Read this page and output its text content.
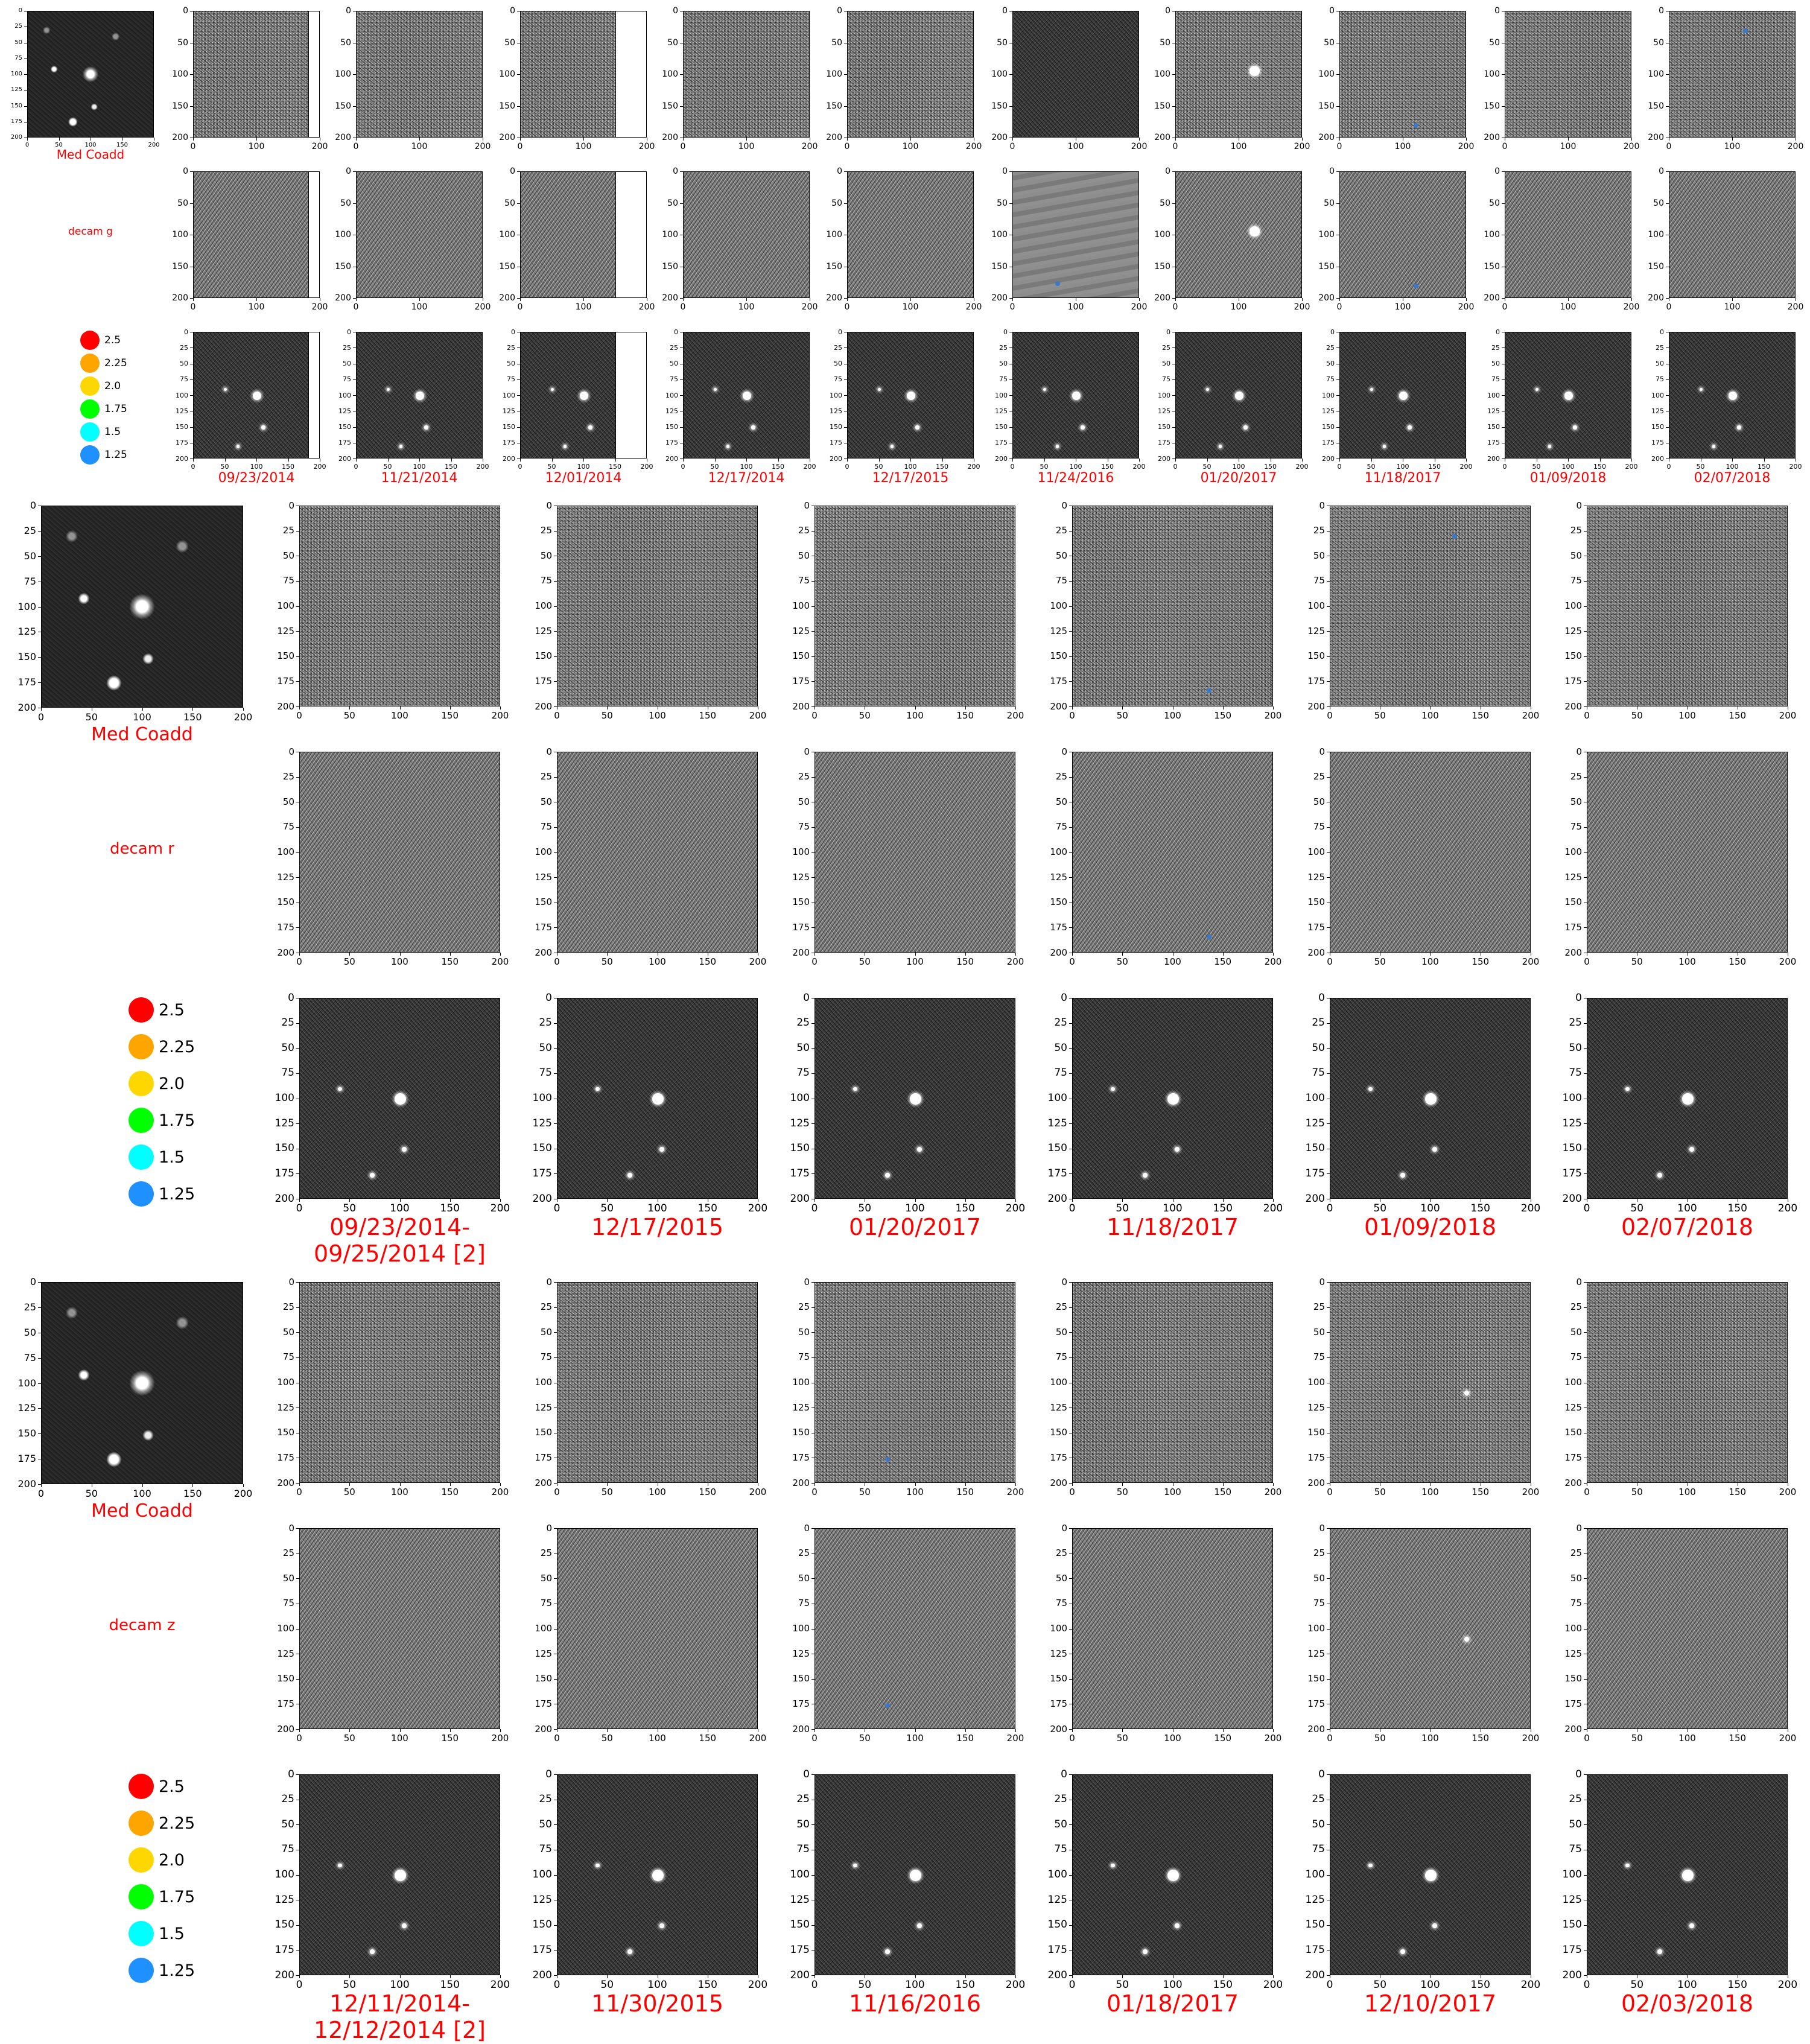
0
25
50
75
100
125
150
175
200
0	50	100	150	200
Med Coadd
decam g
2.5
2.25
2.0
1.75
1.5
1.25
0
50
100
150
200
0	100	200
0
50
100
150
200
0	100	200
0
25
50
75
100
125
150
175
200
0	50	100	150	200
09/23/2014
0
50
100
150
200
0	100	200
0
50
100
150
200
0	100	200
0
25
50
75
100
125
150
175
200
0	50	100	150	200
11/21/2014
0
50
100
150
200
0	100	200
0
50
100
150
200
0	100	200
0
25
50
75
100
125
150
175
200
0	50	100	150	200
12/01/2014
0
50
100
150
200
0	100	200
0
50
100
150
200
0	100	200
0
25
50
75
100
125
150
175
200
0	50	100	150	200
12/17/2014
0
50
100
150
200
0	100	200
0
50
100
150
200
0	100	200
0
25
50
75
100
125
150
175
200
0	50	100	150	200
12/17/2015
0
50
100
150
200
0	100	200
0
50
100
150
200
0	100	200
0
25
50
75
100
125
150
175
200
0	50	100	150	200
11/24/2016
0
50
100
150
200
0	100	200
0
50
100
150
200
0	100	200
0
25
50
75
100
125
150
175
200
0	50	100	150	200
01/20/2017
0
50
100
150
200
0	100	200
0
50
100
150
200
0	100	200
0
25
50
75
100
125
150
175
200
0	50	100	150	200
11/18/2017
0
50
100
150
200
0	100	200
0
50
100
150
200
0	100	200
0
25
50
75
100
125
150
175
200
0	50	100	150	200
01/09/2018
0
50
100
150
200
0	100	200
0
50
100
150
200
0	100	200
0
25
50
75
100
125
150
175
200
0	50	100	150	200
02/07/2018
0
25
50
75
100
125
150
175
200
0	50	100	150	200
Med Coadd
decam r
2.5
2.25
2.0
1.75
1.5
1.25
0
25
50
75
100
125
150
175
200
0	50	100	150	200
0
25
50
75
100
125
150
175
200
0	50	100	150	200
0
25
50
75
100
125
150
175
200
0	50	100	150	200
09/23/2014-
09/25/2014 [2]
0
25
50
75
100
125
150
175
200
0	50	100	150	200
0
25
50
75
100
125
150
175
200
0	50	100	150	200
0
25
50
75
100
125
150
175
200
0	50	100	150	200
12/17/2015
0
25
50
75
100
125
150
175
200
0	50	100	150	200
0
25
50
75
100
125
150
175
200
0	50	100	150	200
0
25
50
75
100
125
150
175
200
0	50	100	150	200
01/20/2017
0
25
50
75
100
125
150
175
200
0	50	100	150	200
0
25
50
75
100
125
150
175
200
0	50	100	150	200
0
25
50
75
100
125
150
175
200
0	50	100	150	200
11/18/2017
0
25
50
75
100
125
150
175
200
0	50	100	150	200
0
25
50
75
100
125
150
175
200
0	50	100	150	200
0
25
50
75
100
125
150
175
200
0	50	100	150	200
01/09/2018
0
25
50
75
100
125
150
175
200
0	50	100	150	200
0
25
50
75
100
125
150
175
200
0	50	100	150	200
0
25
50
75
100
125
150
175
200
0	50	100	150	200
02/07/2018
0
25
50
75
100
125
150
175
200
0	50	100	150	200
Med Coadd
decam z
2.5
2.25
2.0
1.75
1.5
1.25
0
25
50
75
100
125
150
175
200
0	50	100	150	200
0
25
50
75
100
125
150
175
200
0	50	100	150	200
0
25
50
75
100
125
150
175
200
0	50	100	150	200
12/11/2014-
12/12/2014 [2]
0
25
50
75
100
125
150
175
200
0	50	100	150	200
0
25
50
75
100
125
150
175
200
0	50	100	150	200
0
25
50
75
100
125
150
175
200
0	50	100	150	200
11/30/2015
0
25
50
75
100
125
150
175
200
0	50	100	150	200
0
25
50
75
100
125
150
175
200
0	50	100	150	200
0
25
50
75
100
125
150
175
200
0	50	100	150	200
11/16/2016
0
25
50
75
100
125
150
175
200
0	50	100	150	200
0
25
50
75
100
125
150
175
200
0	50	100	150	200
0
25
50
75
100
125
150
175
200
0	50	100	150	200
01/18/2017
0
25
50
75
100
125
150
175
200
0	50	100	150	200
0
25
50
75
100
125
150
175
200
0	50	100	150	200
0
25
50
75
100
125
150
175
200
0	50	100	150	200
12/10/2017
0
25
50
75
100
125
150
175
200
0	50	100	150	200
0
25
50
75
100
125
150
175
200
0	50	100	150	200
0
25
50
75
100
125
150
175
200
0	50	100	150	200
02/03/2018
